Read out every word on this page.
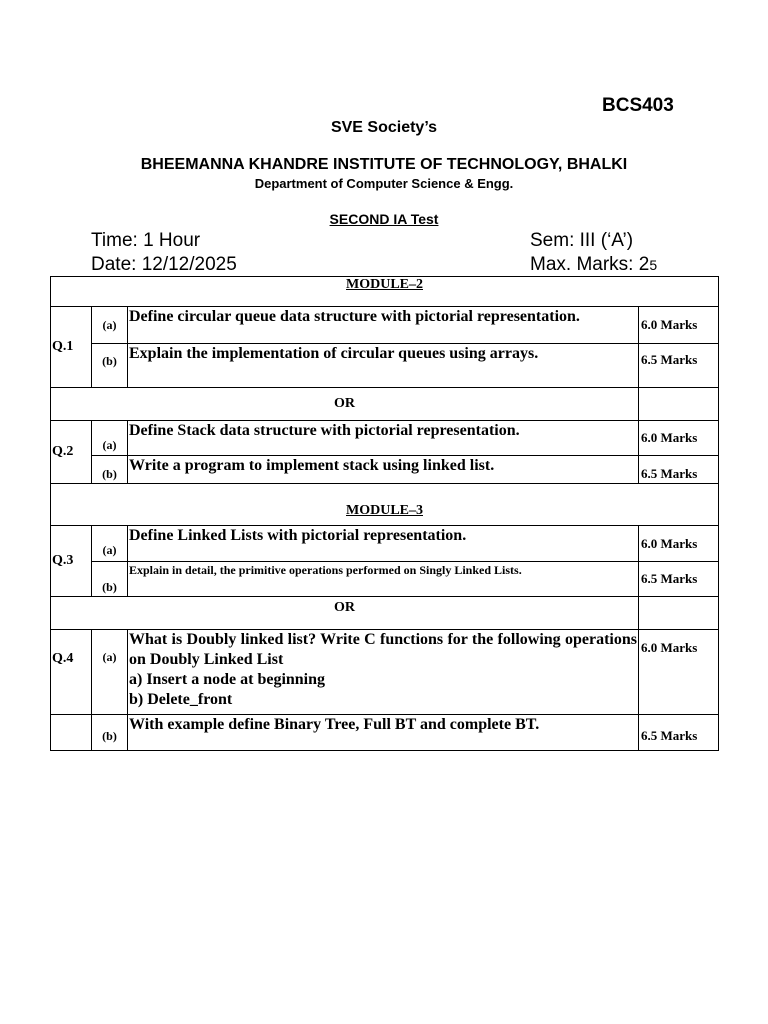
BCS403
SVE Society’s
BHEEMANNA KHANDRE INSTITUTE OF TECHNOLOGY, BHALKI
Department of Computer Science & Engg.
SECOND IA Test
Time: 1 Hour
Date: 12/12/2025
Sem: III (‘A’)
Max. Marks: 25
MODULE–2			
Q.1	(a)	Define circular queue data structure with pictorial representation.	6.0 Marks
	(b)	Explain the implementation of circular queues using arrays.	6.5 Marks
OR			
Q.2	(a)	Define Stack data structure with pictorial representation.	6.0 Marks
	(b)	Write a program to implement stack using linked list.	6.5 Marks
MODULE–3			
Q.3	(a)	Define Linked Lists with pictorial representation.	6.0 Marks
	(b)	Explain in detail, the primitive operations performed on Singly Linked Lists.	6.5 Marks
OR			
Q.4	(a)	What is Doubly linked list? Write C functions for the following operations on Doubly Linked List
a) Insert a node at beginning
b) Delete_front	6.0 Marks
	(b)	With example define Binary Tree, Full BT and complete BT.	6.5 Marks
